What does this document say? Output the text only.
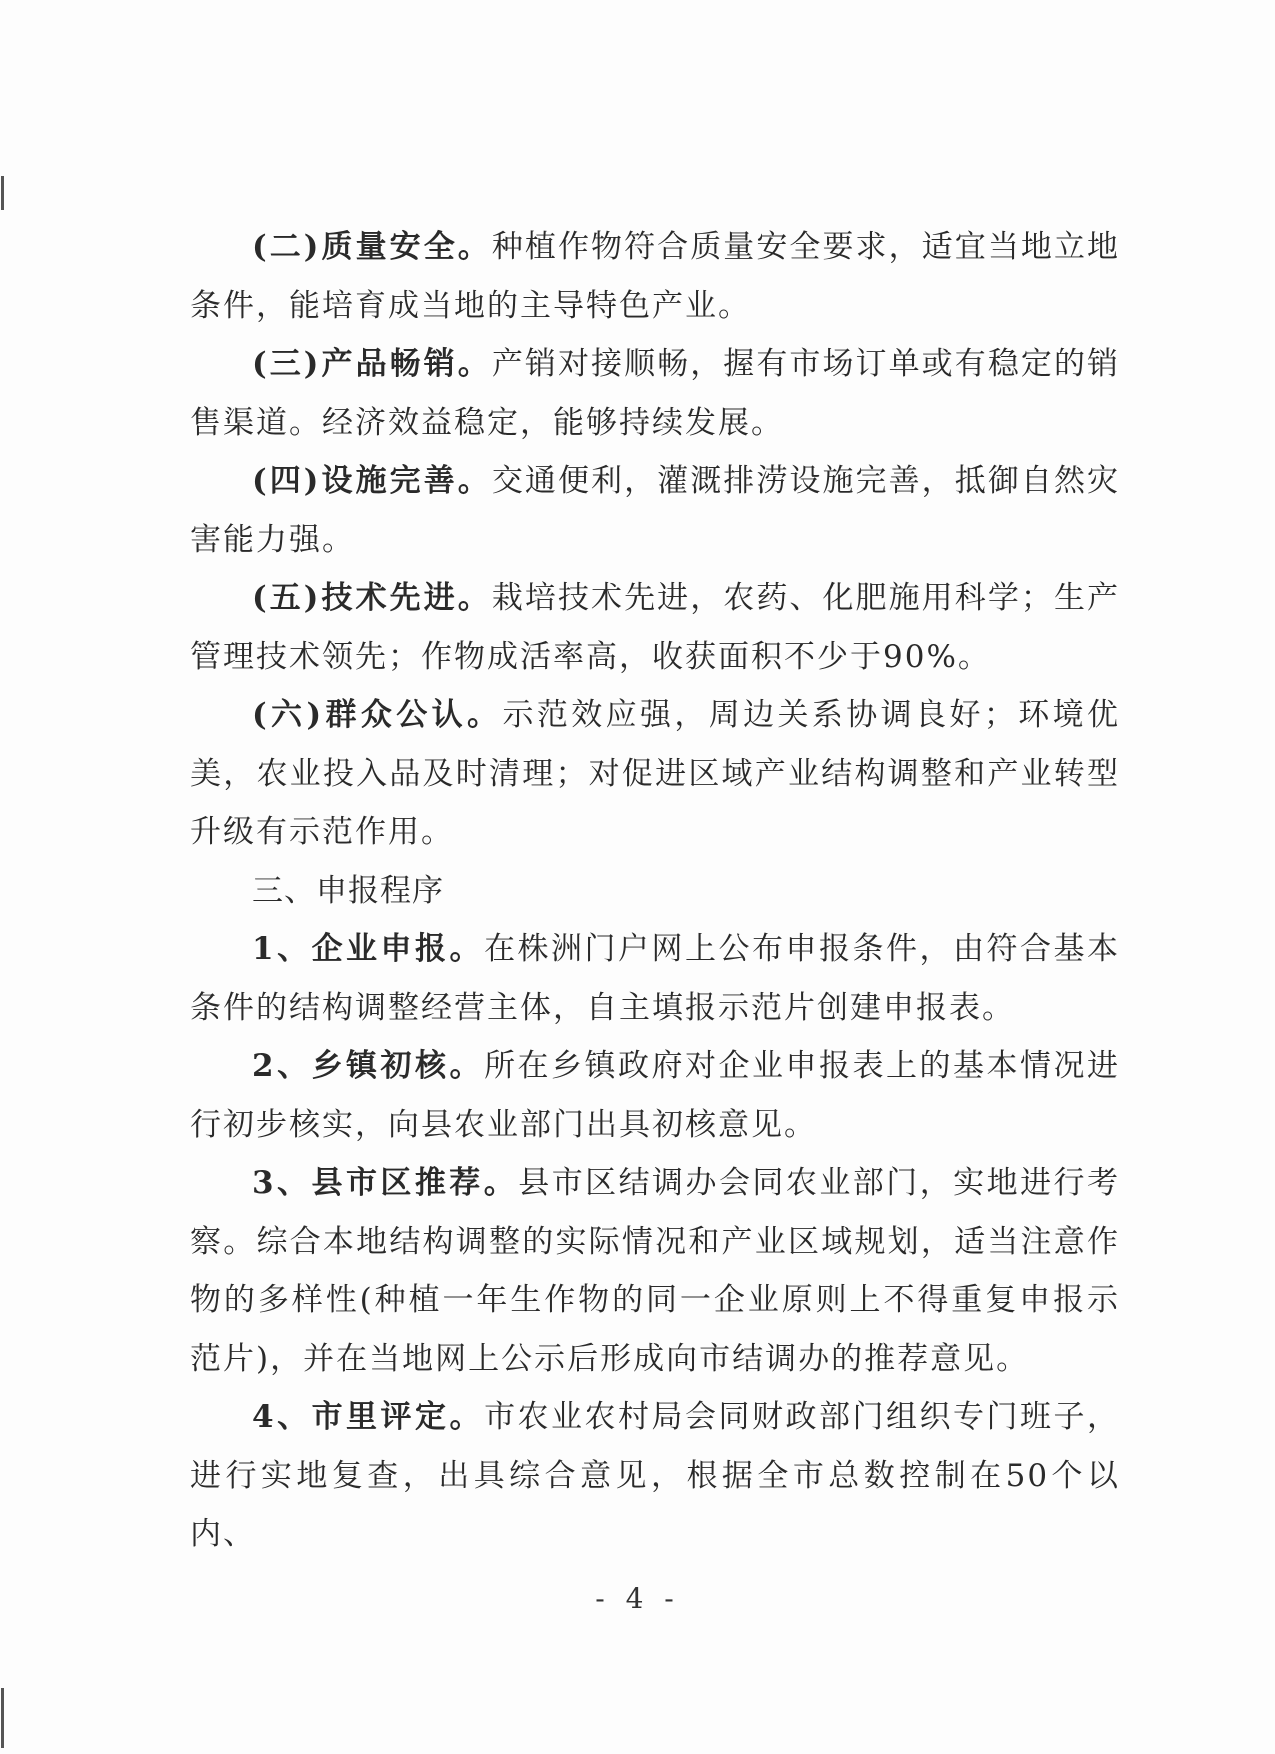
(二)质量安全。种植作物符合质量安全要求，适宜当地立地条件，能培育成当地的主导特色产业。

(三)产品畅销。产销对接顺畅，握有市场订单或有稳定的销售渠道。经济效益稳定，能够持续发展。

(四)设施完善。交通便利，灌溉排涝设施完善，抵御自然灾害能力强。

(五)技术先进。栽培技术先进，农药、化肥施用科学；生产管理技术领先；作物成活率高，收获面积不少于90%。

(六)群众公认。示范效应强，周边关系协调良好；环境优美，农业投入品及时清理；对促进区域产业结构调整和产业转型升级有示范作用。

三、申报程序

1、企业申报。在株洲门户网上公布申报条件，由符合基本条件的结构调整经营主体，自主填报示范片创建申报表。

2、乡镇初核。所在乡镇政府对企业申报表上的基本情况进行初步核实，向县农业部门出具初核意见。

3、县市区推荐。县市区结调办会同农业部门，实地进行考察。综合本地结构调整的实际情况和产业区域规划，适当注意作物的多样性(种植一年生作物的同一企业原则上不得重复申报示范片)，并在当地网上公示后形成向市结调办的推荐意见。

4、市里评定。市农业农村局会同财政部门组织专门班子，进行实地复查，出具综合意见，根据全市总数控制在50个以内、

- 4 -
